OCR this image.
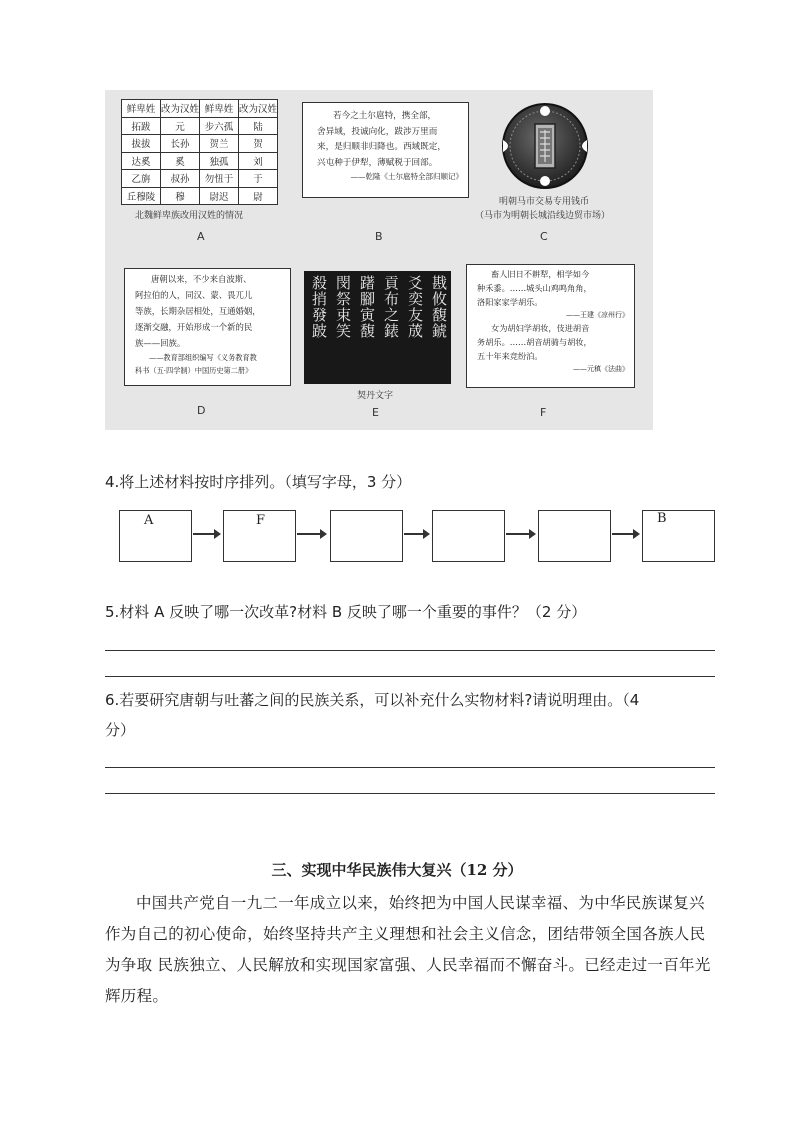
鲜卑姓	改为汉姓	鲜卑姓	改为汉姓
拓跋	元	步六孤	陆
拔拔	长孙	贺兰	贺
达奚	奚	独孤	刘
乙旃	叔孙	勿忸于	于
丘穆陵	穆	尉迟	尉
北魏鲜卑族改用汉姓的情况
A
若今之土尔扈特，携全部，
舍异域，投诚向化，跋涉万里而
来，是归顺非归降也。西域既定，
兴屯种于伊犁，薄赋税于回部。
——乾隆《土尔扈特全部归顺记》
B
明朝马市交易专用钱币
（马市为明朝长城沿线边贸市场）
C
唐朝以来，不少来自波斯、
阿拉伯的人，同汉、蒙、畏兀儿
等族，长期杂居相处，互通婚姻，
逐渐交融，开始形成一个新的民
族——回族。
——教育部组织编写《义务教育教
科书（五·四学制）中国历史第二册》
D
戡攸馥錿
爻奕友荿
貢布之錶
躇腳寅馥
閔祭束笑
殺捎發跛
契丹文字
E
畜人旧日不耕犁，相学如今
种禾黍。……城头山鸡鸣角角，
洛阳家家学胡乐。
——王建《凉州行》
女为胡妇学胡妆，伎进胡音
务胡乐。……胡音胡骑与胡妆，
五十年来竞纷泊。
——元稹《法曲》
F
4.将上述材料按时序排列。（填写字母，3 分）
A	F	B
5.材料 A 反映了哪一次改革?材料 B 反映了哪一个重要的事件？（2 分）
6.若要研究唐朝与吐蕃之间的民族关系，可以补充什么实物材料?请说明理由。（4
分）
三、实现中华民族伟大复兴（12 分）
中国共产党自一九二一年成立以来，始终把为中国人民谋幸福、为中华民族谋复兴作为自己的初心使命，始终坚持共产主义理想和社会主义信念，团结带领全国各族人民为争取 民族独立、人民解放和实现国家富强、人民幸福而不懈奋斗。已经走过一百年光辉历程。
